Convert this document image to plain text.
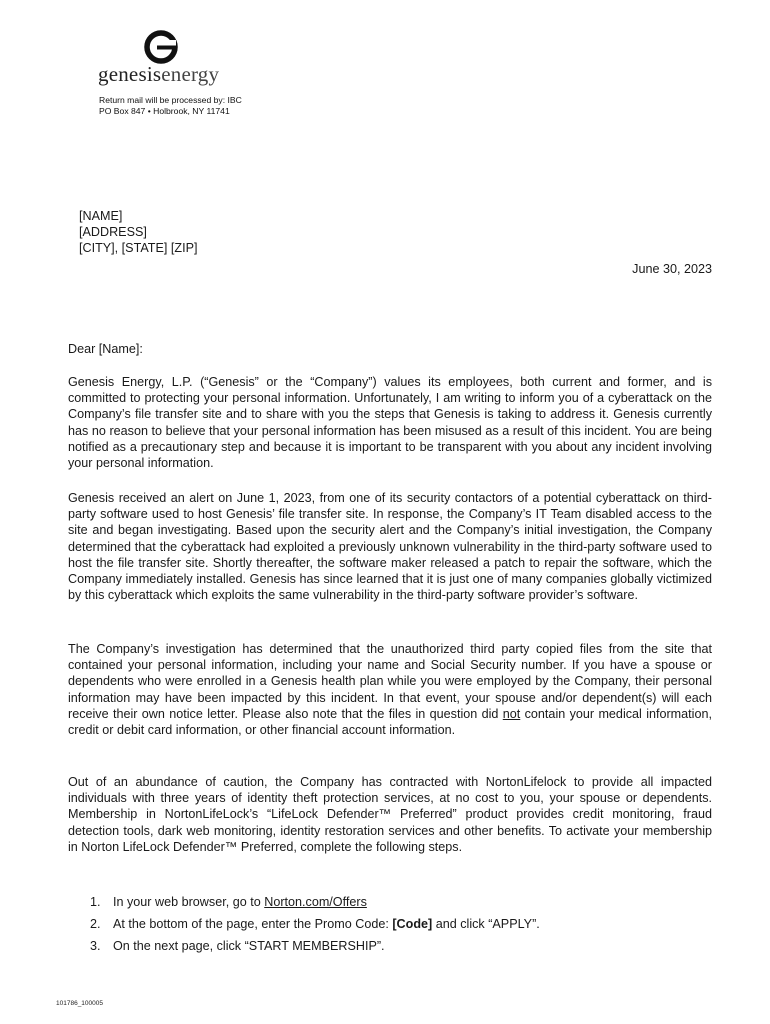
genesisenergy
Return mail will be processed by: IBC
PO Box 847 • Holbrook, NY 11741
[NAME]
[ADDRESS]
[CITY], [STATE] [ZIP]
June 30, 2023
Dear [Name]:

Genesis Energy, L.P. (“Genesis” or the “Company”) values its employees, both current and former, and is committed to protecting your personal information. Unfortunately, I am writing to inform you of a cyberattack on the Company’s file transfer site and to share with you the steps that Genesis is taking to address it. Genesis currently has no reason to believe that your personal information has been misused as a result of this incident. You are being notified as a precautionary step and because it is important to be transparent with you about any incident involving your personal information.

Genesis received an alert on June 1, 2023, from one of its security contactors of a potential cyberattack on third-party software used to host Genesis’ file transfer site. In response, the Company’s IT Team disabled access to the site and began investigating. Based upon the security alert and the Company’s initial investigation, the Company determined that the cyberattack had exploited a previously unknown vulnerability in the third-party software used to host the file transfer site. Shortly thereafter, the software maker released a patch to repair the software, which the Company immediately installed. Genesis has since learned that it is just one of many companies globally victimized by this cyberattack which exploits the same vulnerability in the third-party software provider’s software.

The Company’s investigation has determined that the unauthorized third party copied files from the site that contained your personal information, including your name and Social Security number. If you have a spouse or dependents who were enrolled in a Genesis health plan while you were employed by the Company, their personal information may have been impacted by this incident. In that event, your spouse and/or dependent(s) will each receive their own notice letter. Please also note that the files in question did not contain your medical information, credit or debit card information, or other financial account information.

Out of an abundance of caution, the Company has contracted with NortonLifelock to provide all impacted individuals with three years of identity theft protection services, at no cost to you, your spouse or dependents. Membership in NortonLifeLock’s “LifeLock Defender™ Preferred” product provides credit monitoring, fraud detection tools, dark web monitoring, identity restoration services and other benefits. To activate your membership in Norton LifeLock Defender™ Preferred, complete the following steps.

1. In your web browser, go to Norton.com/Offers
2. At the bottom of the page, enter the Promo Code: [Code] and click “APPLY”.
3. On the next page, click “START MEMBERSHIP”.
101786_100005
